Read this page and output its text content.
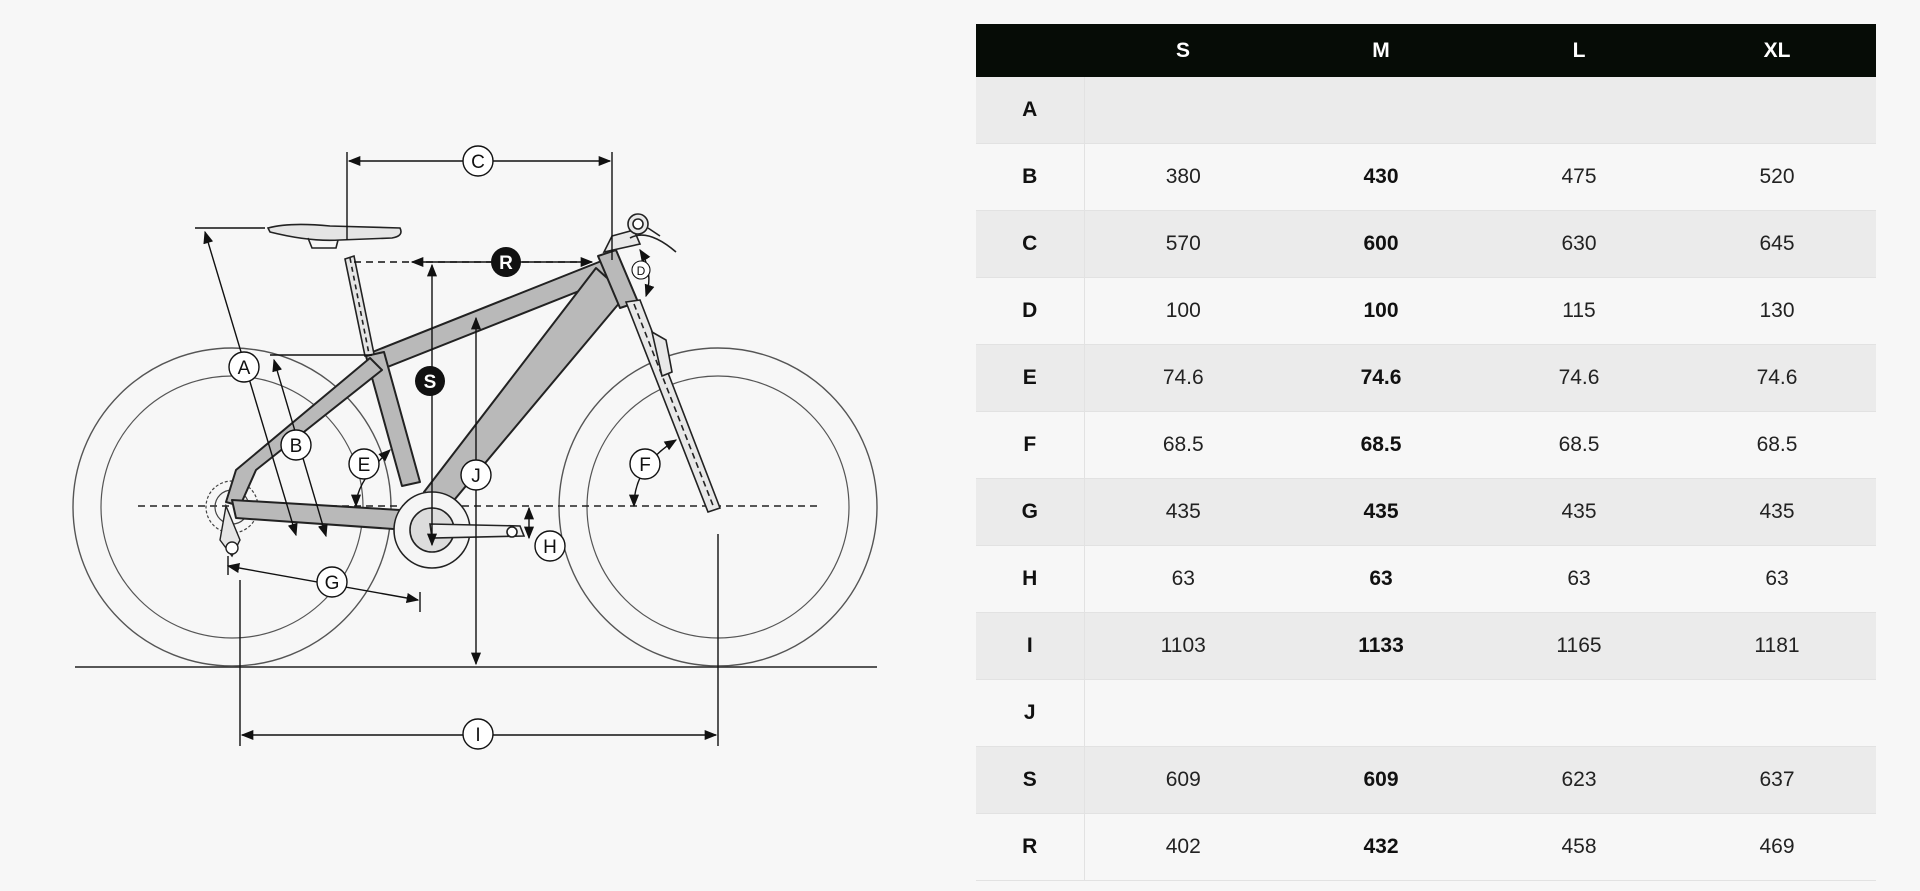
A
B
C
D
E	F
G
H
I
J
S
R
	S	M	L	XL
A				
B	380	430	475	520
C	570	600	630	645
D	100	100	115	130
E	74.6	74.6	74.6	74.6
F	68.5	68.5	68.5	68.5
G	435	435	435	435
H	63	63	63	63
I	1103	1133	1165	1181
J				
S	609	609	623	637
R	402	432	458	469
